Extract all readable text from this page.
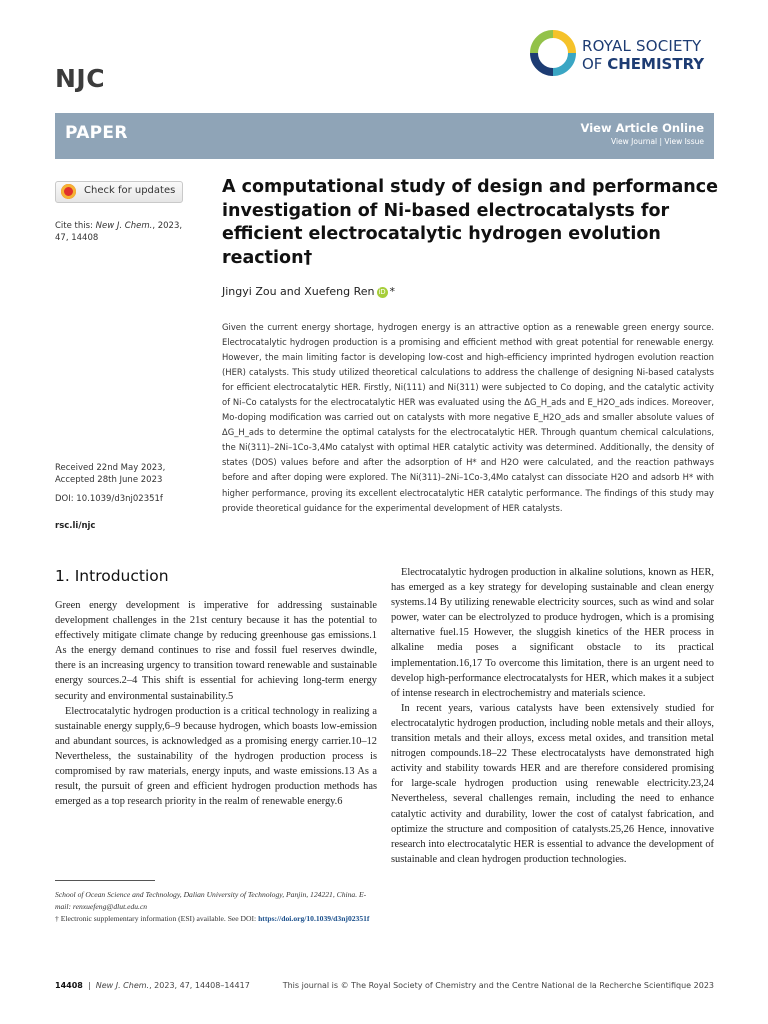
NJC
ROYAL SOCIETY
OF CHEMISTRY
PAPER	View Article Online
View Journal | View Issue
Check for updates
Cite this: New J. Chem., 2023, 47, 14408
Received 22nd May 2023,
Accepted 28th June 2023
DOI: 10.1039/d3nj02351f
rsc.li/njc
A computational study of design and performance investigation of Ni-based electrocatalysts for efficient electrocatalytic hydrogen evolution reaction†
Jingyi Zou and Xuefeng Ren iD *
Given the current energy shortage, hydrogen energy is an attractive option as a renewable green energy source. Electrocatalytic hydrogen production is a promising and efficient method with great potential for renewable energy. However, the main limiting factor is developing low-cost and high-efficiency imprinted hydrogen evolution reaction (HER) catalysts. This study utilized theoretical calculations to address the challenge of designing Ni-based catalysts for efficient electrocatalytic HER. Firstly, Ni(111) and Ni(311) were subjected to Co doping, and the catalytic activity of Ni–Co catalysts for the electrocatalytic HER was evaluated using the ΔG_H_ads and E_H2O_ads indices. Moreover, Mo-doping modification was carried out on catalysts with more negative E_H2O_ads and smaller absolute values of ΔG_H_ads to determine the optimal catalysts for the electrocatalytic HER. Through quantum chemical calculations, the Ni(311)–2Ni–1Co-3,4Mo catalyst with optimal HER catalytic activity was determined. Additionally, the density of states (DOS) values before and after the adsorption of H* and H2O were calculated, and the reaction pathways before and after doping were explored. The Ni(311)–2Ni–1Co-3,4Mo catalyst can dissociate H2O and adsorb H* with higher performance, proving its excellent electrocatalytic HER catalytic performance. The findings of this study may provide theoretical guidance for the experimental development of HER catalysts.
1. Introduction

Green energy development is imperative for addressing sustainable development challenges in the 21st century because it has the potential to effectively mitigate climate change by reducing greenhouse gas emissions.1 As the energy demand continues to rise and fossil fuel reserves dwindle, there is an increasing urgency to transition toward renewable and sustainable energy sources.2–4 This shift is essential for achieving long-term energy security and environmental sustainability.5

Electrocatalytic hydrogen production is a critical technology in realizing a sustainable energy supply,6–9 because hydrogen, which boasts low-emission and abundant sources, is acknowledged as a promising energy carrier.10–12 Nevertheless, the sustainability of the hydrogen production process is compromised by raw materials, energy inputs, and waste emissions.13 As a result, the pursuit of green and efficient hydrogen production methods has emerged as a top research priority in the realm of renewable energy.6

Electrocatalytic hydrogen production in alkaline solutions, known as HER, has emerged as a key strategy for developing sustainable and clean energy systems.14 By utilizing renewable electricity sources, such as wind and solar power, water can be electrolyzed to produce hydrogen, which is a promising alternative fuel.15 However, the sluggish kinetics of the HER process in alkaline media poses a significant obstacle to its practical implementation.16,17 To overcome this limitation, there is an urgent need to develop high-performance electrocatalysts for HER, which makes it a subject of intense research in electrochemistry and materials science.

In recent years, various catalysts have been extensively studied for electrocatalytic hydrogen production, including noble metals and their alloys, transition metals and their alloys, excess metal oxides, and transition metal nitrogen compounds.18–22 These electrocatalysts have demonstrated high activity and stability towards HER and are therefore considered promising for large-scale hydrogen production using renewable electricity.23,24 Nevertheless, several challenges remain, including the need to enhance catalytic activity and durability, lower the cost of catalyst fabrication, and optimize the structure and composition of catalysts.25,26 Hence, innovative research into electrocatalytic HER is essential to advance the development of sustainable and clean hydrogen production technologies.

School of Ocean Science and Technology, Dalian University of Technology, Panjin, 124221, China. E-mail: renxuefeng@dlut.edu.cn
† Electronic supplementary information (ESI) available. See DOI: https://doi.org/10.1039/d3nj02351f
14408 | New J. Chem., 2023, 47, 14408–14417	This journal is © The Royal Society of Chemistry and the Centre National de la Recherche Scientifique 2023
